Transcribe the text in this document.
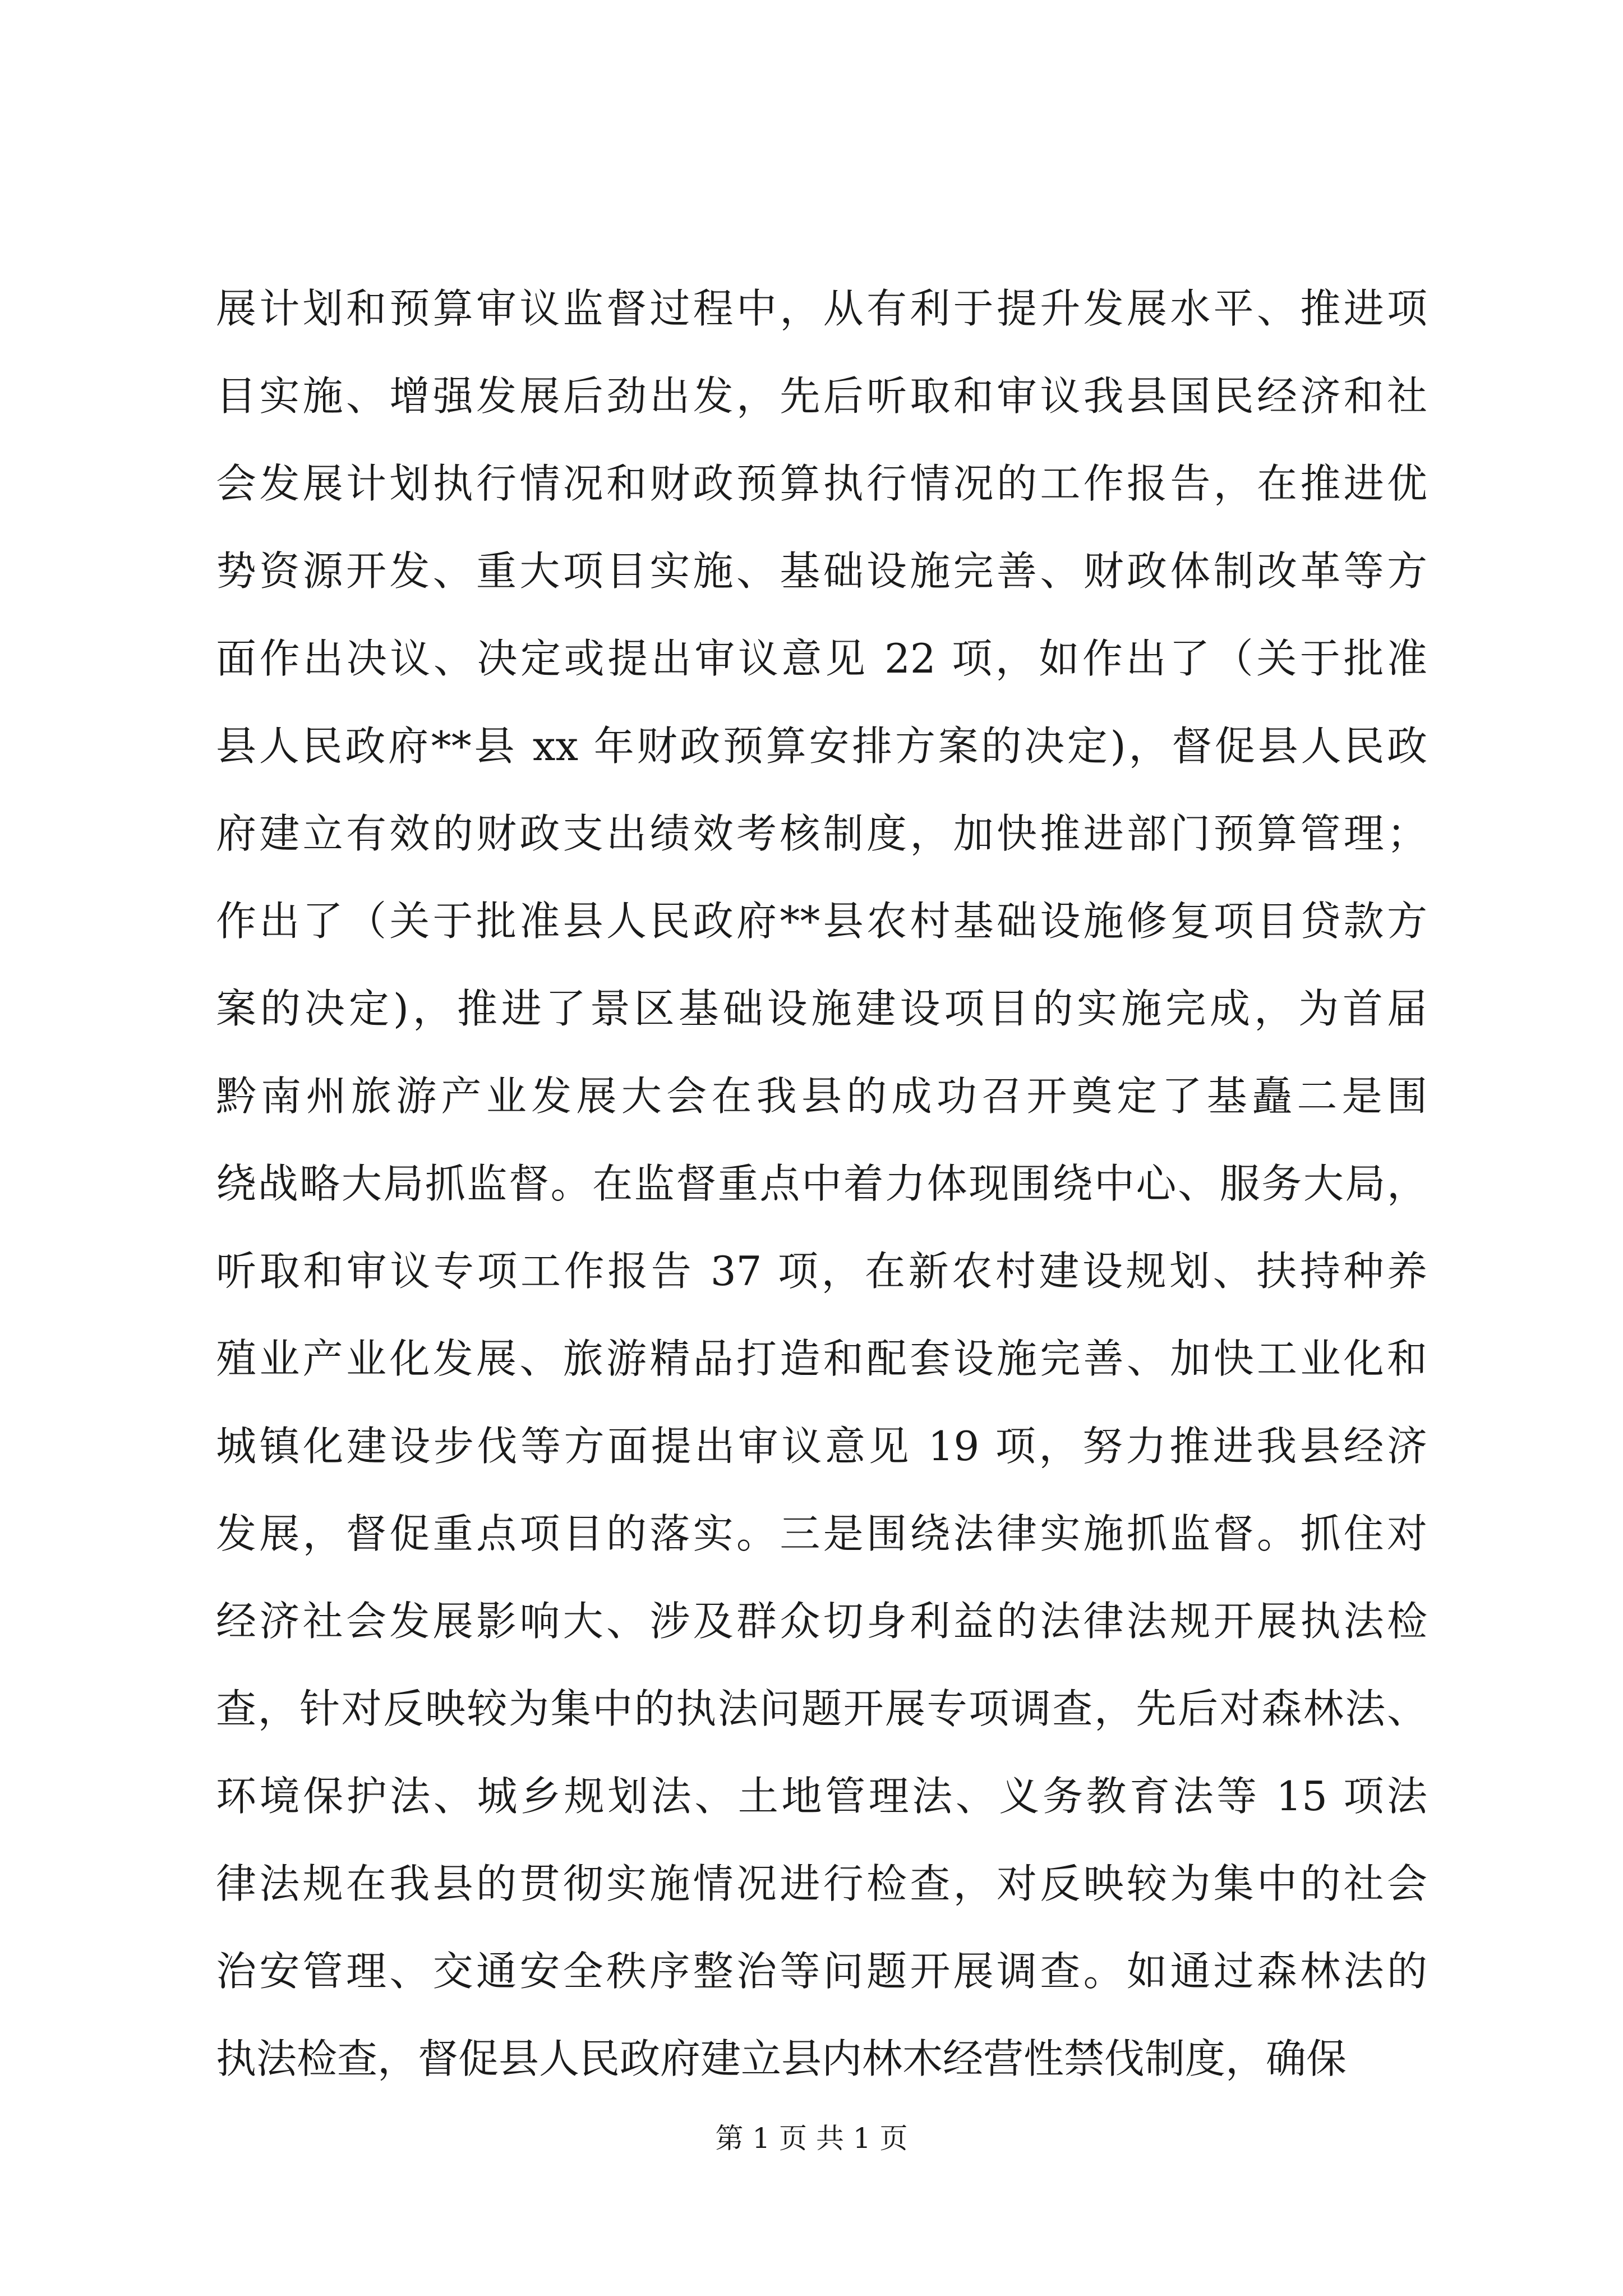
展计划和预算审议监督过程中，从有利于提升发展水平、推进项
目实施、增强发展后劲出发，先后听取和审议我县国民经济和社
会发展计划执行情况和财政预算执行情况的工作报告，在推进优
势资源开发、重大项目实施、基础设施完善、财政体制改革等方
面作出决议、决定或提出审议意见 22 项，如作出了（关于批准
县人民政府**县 xx 年财政预算安排方案的决定)，督促县人民政
府建立有效的财政支出绩效考核制度，加快推进部门预算管理；
作出了（关于批准县人民政府**县农村基础设施修复项目贷款方
案的决定)，推进了景区基础设施建设项目的实施完成，为首届
黔南州旅游产业发展大会在我县的成功召开奠定了基矗二是围
绕战略大局抓监督。在监督重点中着力体现围绕中心、服务大局，
听取和审议专项工作报告 37 项，在新农村建设规划、扶持种养
殖业产业化发展、旅游精品打造和配套设施完善、加快工业化和
城镇化建设步伐等方面提出审议意见 19 项，努力推进我县经济
发展，督促重点项目的落实。三是围绕法律实施抓监督。抓住对
经济社会发展影响大、涉及群众切身利益的法律法规开展执法检
查，针对反映较为集中的执法问题开展专项调查，先后对森林法、
环境保护法、城乡规划法、土地管理法、义务教育法等 15 项法
律法规在我县的贯彻实施情况进行检查，对反映较为集中的社会
治安管理、交通安全秩序整治等问题开展调查。如通过森林法的
执法检查，督促县人民政府建立县内林木经营性禁伐制度，确保
第 1 页 共 1 页
